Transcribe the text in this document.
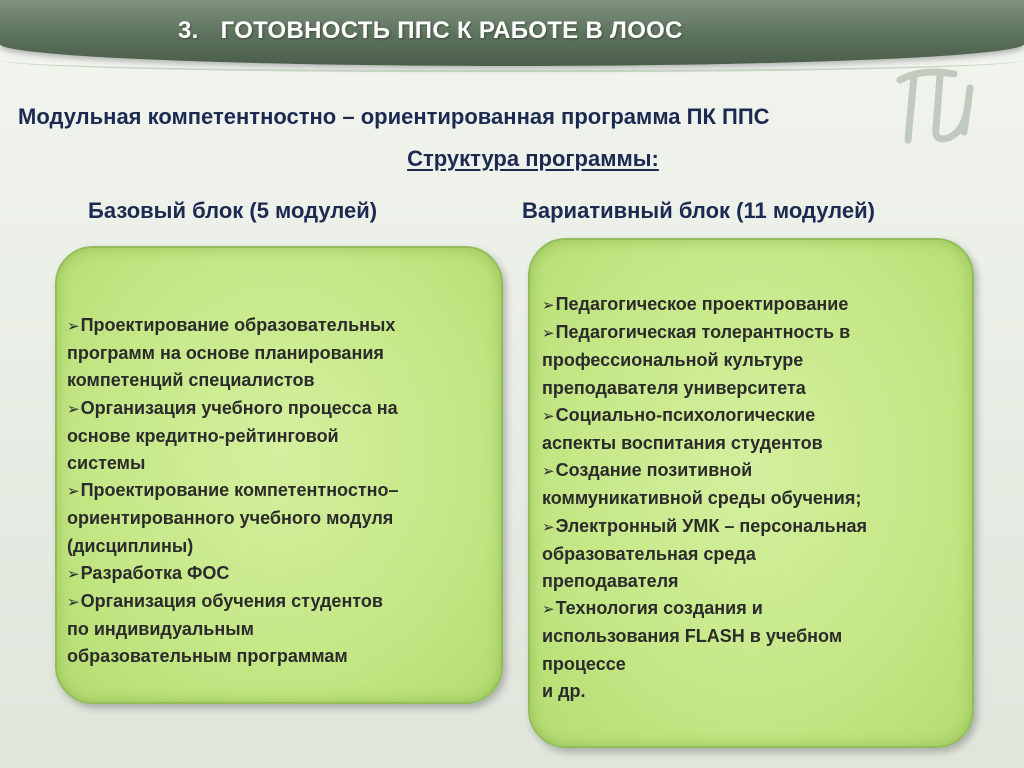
3. ГОТОВНОСТЬ ППС К РАБОТЕ В ЛООС
Модульная компетентностно – ориентированная программа ПК ППС
Структура программы:
Базовый блок (5 модулей)	Вариативный блок (11 модулей)
➢Проектирование образовательных
программ на основе планирования
компетенций специалистов
➢Организация учебного процесса на
основе кредитно-рейтинговой
системы
➢Проектирование компетентностно–
ориентированного учебного модуля
(дисциплины)
➢Разработка ФОС
➢Организация обучения студентов
по индивидуальным
образовательным программам
➢Педагогическое проектирование
➢Педагогическая толерантность в
профессиональной культуре
преподавателя университета
➢Социально-психологические
аспекты воспитания студентов
➢Создание позитивной
коммуникативной среды обучения;
➢Электронный УМК – персональная
образовательная среда
преподавателя
➢Технология создания и
использования FLASH в учебном
процессе
и др.
